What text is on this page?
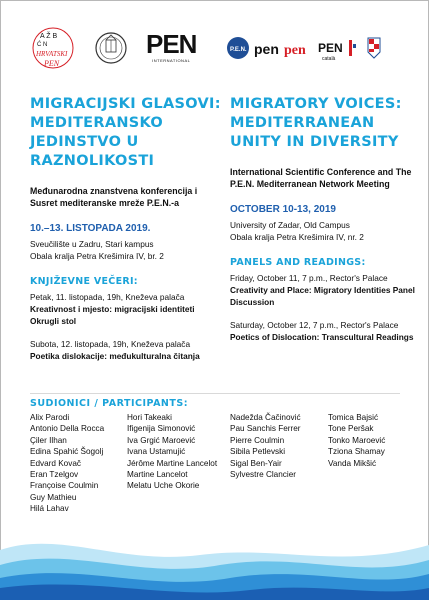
A Ž B
Ć N
HRVATSKI
PEN
PEN
INTERNATIONAL
P.E.N. pen pen PEN
català
MIGRACIJSKI GLASOVI: MEDITERANSKO JEDINSTVO U RAZNOLIKOSTI
Međunarodna znanstvena konferencija i Susret mediteranske mreže P.E.N.-a
10.–13. LISTOPADA 2019.
Sveučilište u Zadru, Stari kampus
Obala kralja Petra Krešimira IV, br. 2
KNJIŽEVNE VEČERI:
Petak, 11. listopada, 19h, Kneževa palača
Kreativnost i mjesto: migracijski identiteti Okrugli stol
Subota, 12. listopada, 19h, Kneževa palača
Poetika dislokacije: međukulturalna čitanja
MIGRATORY VOICES: MEDITERRANEAN UNITY IN DIVERSITY
International Scientific Conference and The P.E.N. Mediterranean Network Meeting
OCTOBER 10-13, 2019
University of Zadar, Old Campus
Obala kralja Petra Krešimira IV, nr. 2
PANELS AND READINGS:
Friday, October 11, 7 p.m., Rector's Palace
Creativity and Place: Migratory Identities Panel Discussion
Saturday, October 12, 7 p.m., Rector's Palace
Poetics of Dislocation: Transcultural Readings
SUDIONICI / PARTICIPANTS:
Alix Parodi
Antonio Della Rocca
Çiler Ilhan
Edina Spahić Šogolj
Edvard Kovač
Eran Tzelgov
Françoise Coulmin
Guy Mathieu
Hilá Lahav
Hori Takeaki
Ifigenija Simonović
Iva Grgić Maroević
Ivana Ustamujić
Jérôme Martine Lancelot
Martine Lancelot
Melatu Uche Okorie
Nadežda Čačinović
Pau Sanchis Ferrer
Pierre Coulmin
Sibila Petlevski
Sigal Ben-Yair
Sylvestre Clancier
Tomica Bajsić
Tone Peršak
Tonko Maroević
Tziona Shamay
Vanda Mikšić
